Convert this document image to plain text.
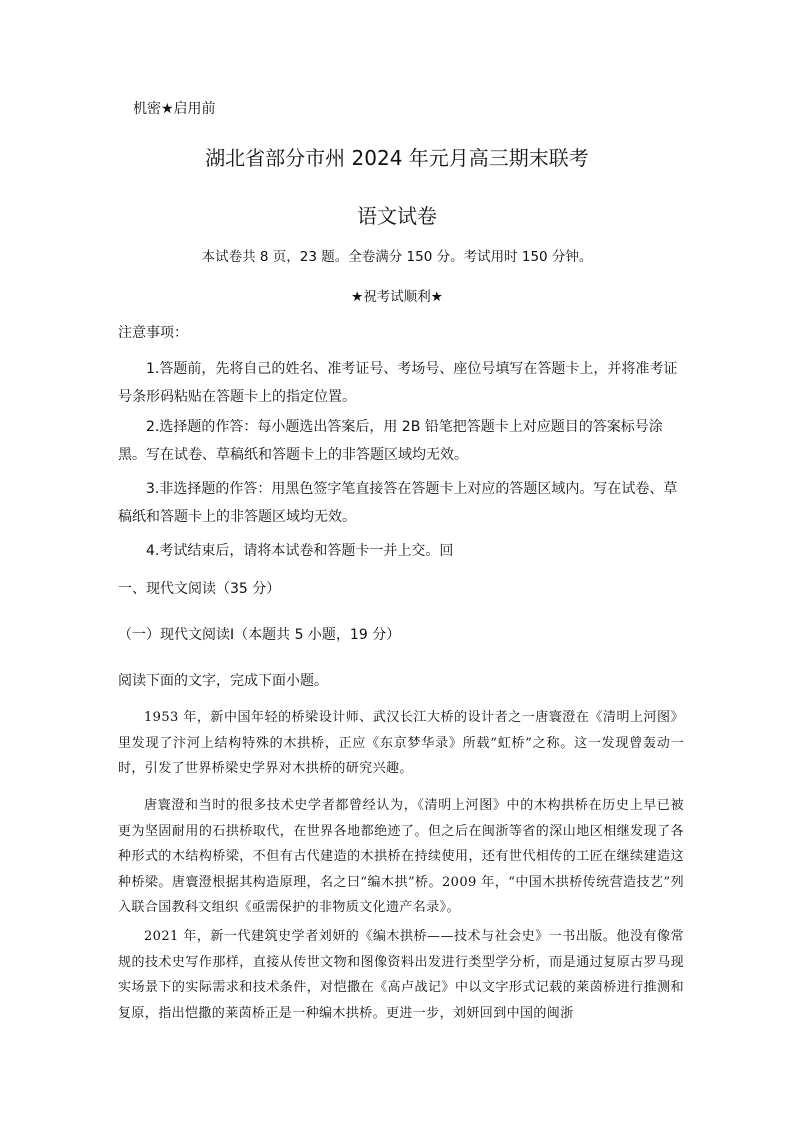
机密★启用前
湖北省部分市州 2024 年元月高三期末联考
语文试卷
本试卷共 8 页，23 题。全卷满分 150 分。考试用时 150 分钟。
★祝考试顺利★
注意事项：
1.答题前，先将自己的姓名、准考证号、考场号、座位号填写在答题卡上，并将准考证号条形码粘贴在答题卡上的指定位置。
2.选择题的作答：每小题选出答案后，用 2B 铅笔把答题卡上对应题目的答案标号涂黑。写在试卷、草稿纸和答题卡上的非答题区域均无效。
3.非选择题的作答：用黑色签字笔直接答在答题卡上对应的答题区域内。写在试卷、草稿纸和答题卡上的非答题区域均无效。
4.考试结束后，请将本试卷和答题卡一并上交。回
一、现代文阅读（35 分）
（一）现代文阅读Ⅰ（本题共 5 小题，19 分）
阅读下面的文字，完成下面小题。
1953 年，新中国年轻的桥梁设计师、武汉长江大桥的设计者之一唐寰澄在《清明上河图》里发现了汴河上结构特殊的木拱桥，正应《东京梦华录》所载“虹桥”之称。这一发现曾轰动一时，引发了世界桥梁史学界对木拱桥的研究兴趣。
唐寰澄和当时的很多技术史学者都曾经认为，《清明上河图》中的木构拱桥在历史上早已被更为坚固耐用的石拱桥取代，在世界各地都绝迹了。但之后在闽浙等省的深山地区相继发现了各种形式的木结构桥梁，不但有古代建造的木拱桥在持续使用，还有世代相传的工匠在继续建造这种桥梁。唐寰澄根据其构造原理，名之曰“编木拱”桥。2009 年，“中国木拱桥传统营造技艺”列入联合国教科文组织《亟需保护的非物质文化遗产名录》。
2021 年，新一代建筑史学者刘妍的《编木拱桥——技术与社会史》一书出版。他没有像常规的技术史写作那样，直接从传世文物和图像资料出发进行类型学分析，而是通过复原古罗马现实场景下的实际需求和技术条件，对恺撒在《高卢战记》中以文字形式记载的莱茵桥进行推测和复原，指出恺撒的莱茵桥正是一种编木拱桥。更进一步，刘妍回到中国的闽浙
